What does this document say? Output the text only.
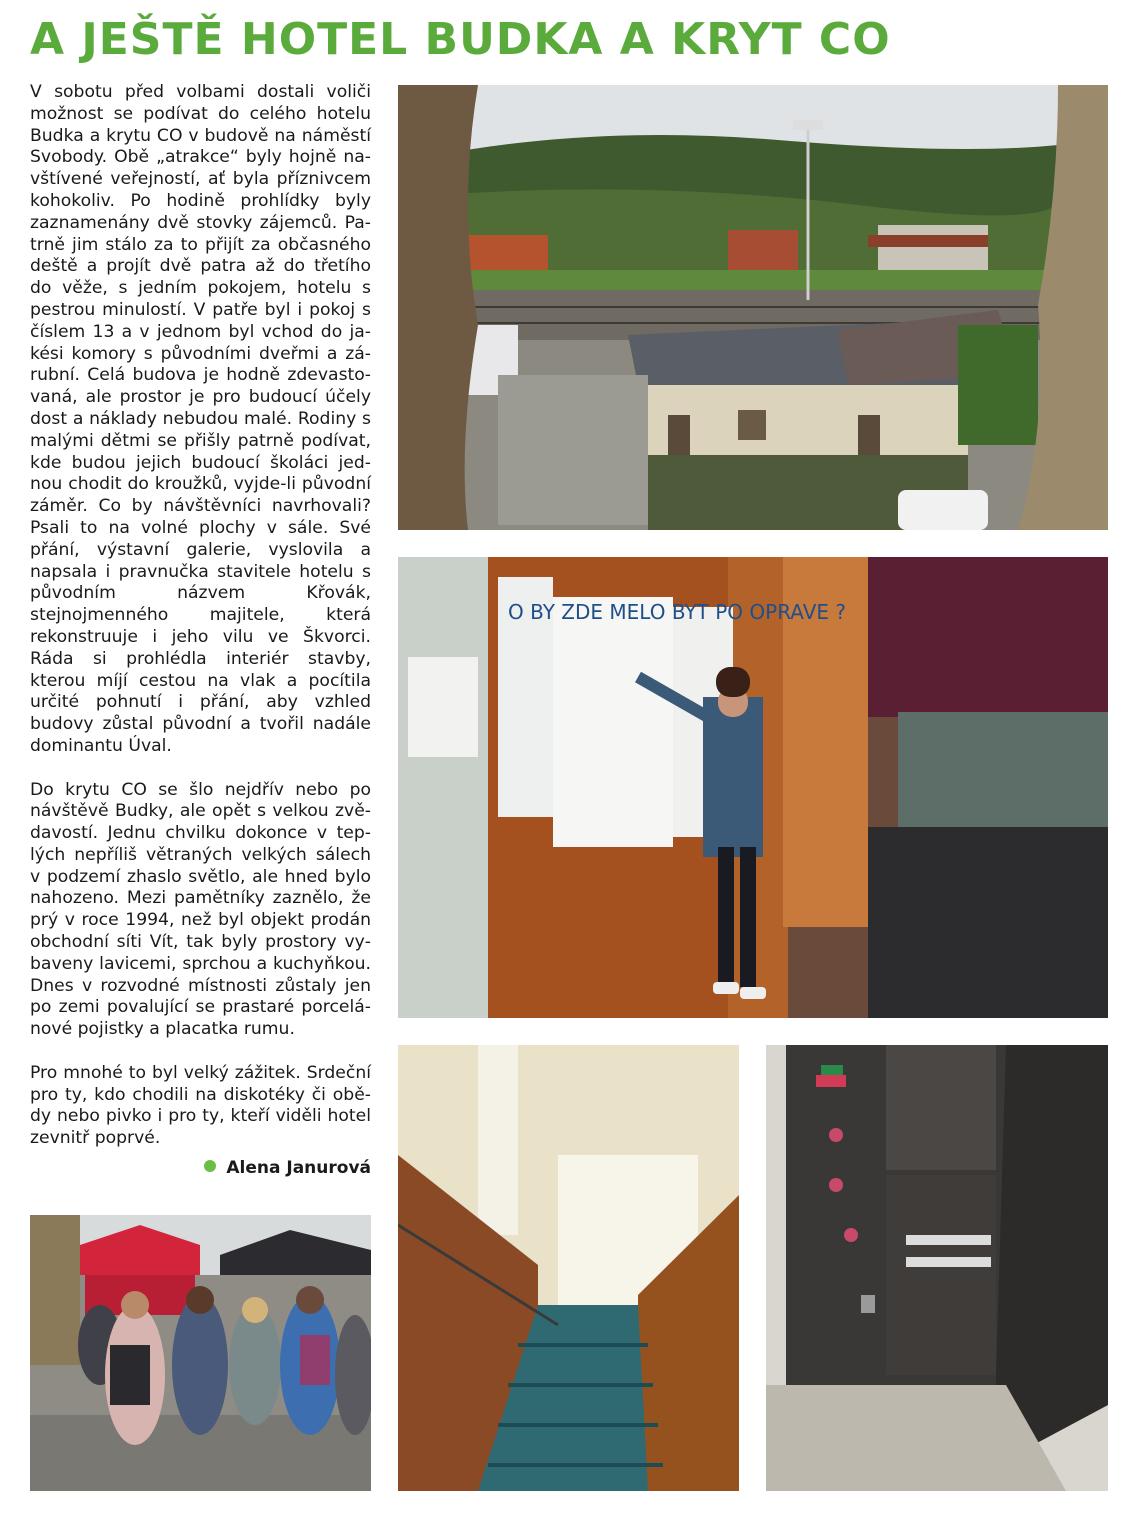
A JEŠTĚ HOTEL BUDKA A KRYT CO

V sobotu před volbami dostali voliči možnost se podívat do celého hotelu Budka a krytu CO v budově na náměstí Svobody. Obě „atrakce“ byly hojně navštívené veřejností, ať byla příznivcem kohokoliv. Po hodině prohlídky byly zaznamenány dvě stovky zájemců. Patrně jim stálo za to přijít za občasného deště a projít dvě patra až do třetího do věže, s jedním pokojem, hotelu s pestrou minulostí. V patře byl i pokoj s číslem 13 a v jednom byl vchod do jakési komory s původními dveřmi a zárubní. Celá budova je hodně zdevastovaná, ale prostor je pro budoucí účely dost a náklady nebudou malé. Rodiny s malými dětmi se přišly patrně podívat, kde budou jejich budoucí školáci jednou chodit do kroužků, vyjde-li původní záměr. Co by návštěvníci navrhovali? Psali to na volné plochy v sále. Své přání, výstavní galerie, vyslovila a napsala i pravnučka stavitele hotelu s původním názvem Křovák, stejnojmenného majitele, která rekonstruuje i jeho vilu ve Škvorci. Ráda si prohlédla interiér stavby, kterou míjí cestou na vlak a pocítila určité pohnutí i přání, aby vzhled budovy zůstal původní a tvořil nadále dominantu Úval.

Do krytu CO se šlo nejdřív nebo po návštěvě Budky, ale opět s velkou zvědavostí. Jednu chvilku dokonce v teplých nepříliš větraných velkých sálech v podzemí zhaslo světlo, ale hned bylo nahozeno. Mezi pamětníky zaznělo, že prý v roce 1994, než byl objekt prodán obchodní síti Vít, tak byly prostory vybaveny lavicemi, sprchou a kuchyňkou. Dnes v rozvodné místnosti zůstaly jen po zemi povalující se prastaré porcelánové pojistky a placatka rumu.

Pro mnohé to byl velký zážitek. Srdeční pro ty, kdo chodili na diskotéky či obědy nebo pivko i pro ty, kteří viděli hotel zevnitř poprvé.

Alena Janurová
O BY ZDE MELO BYT PO OPRAVE ?
